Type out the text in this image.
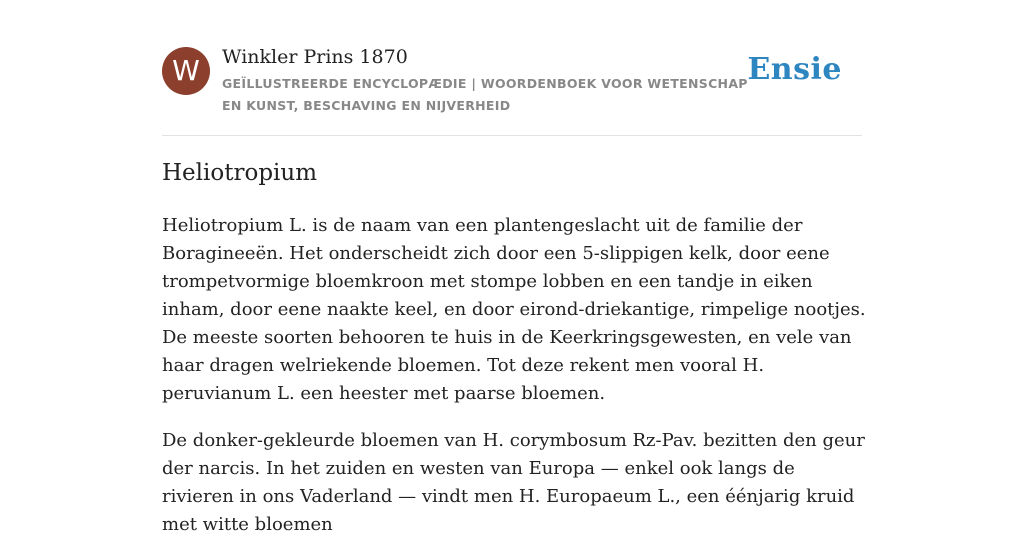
W	Winkler Prins 1870
GEÏLLUSTREERDE ENCYCLOPÆDIE | WOORDENBOEK VOOR WETENSCHAP EN KUNST, BESCHAVING EN NIJVERHEID
Ensie
Heliotropium

Heliotropium L. is de naam van een plantengeslacht uit de familie der Boragineeën. Het onderscheidt zich door een 5-slippigen kelk, door eene trompetvormige bloemkroon met stompe lobben en een tandje in eiken inham, door eene naakte keel, en door eirond-driekantige, rimpelige nootjes. De meeste soorten behooren te huis in de Keerkringsgewesten, en vele van haar dragen welriekende bloemen. Tot deze rekent men vooral H. peruvianum L. een heester met paarse bloemen.

De donker-gekleurde bloemen van H. corymbosum Rz-Pav. bezitten den geur der narcis. In het zuiden en westen van Europa — enkel ook langs de rivieren in ons Vaderland — vindt men H. Europaeum L., een éénjarig kruid met witte bloemen
